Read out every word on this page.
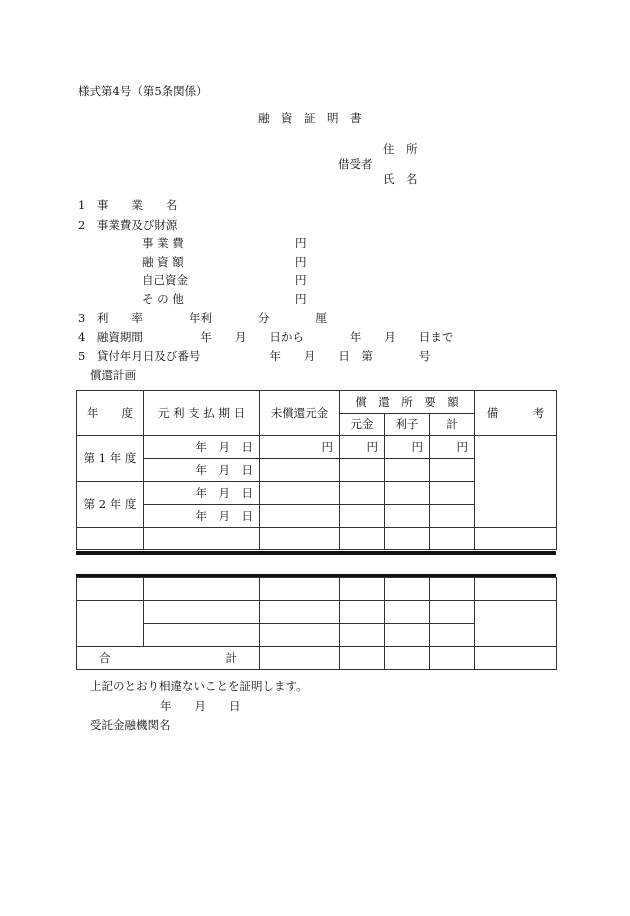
様式第4号（第5条関係）
融　資　証　明　書
住　所
借受者
氏　名
1　事　　業　　名
2　事業費及び財源
事 業 費	円
融 資 額	円
自己資金	円
そ の 他	円
3　利　　率　　　　年利　　　　分　　　　厘
4　融資期間　　　　　年　　月　　日から　　　　年　　月　　日まで
5　貸付年月日及び番号　　　　　　年　　月　　日　第　　　　号
償還計画
年　　度	元 利 支 払 期 日	未償還元金	償　還　所　要　額			備　　　考
			元金	利子	計	
第 1 年 度	年　月　日	円	円	円	円	
	年　月　日					
第 2 年 度	年　月　日					
	年　月　日					

合　　　　　　　　　　計						
上記のとおり相違ないことを証明します。
年　　月　　日
受託金融機関名
